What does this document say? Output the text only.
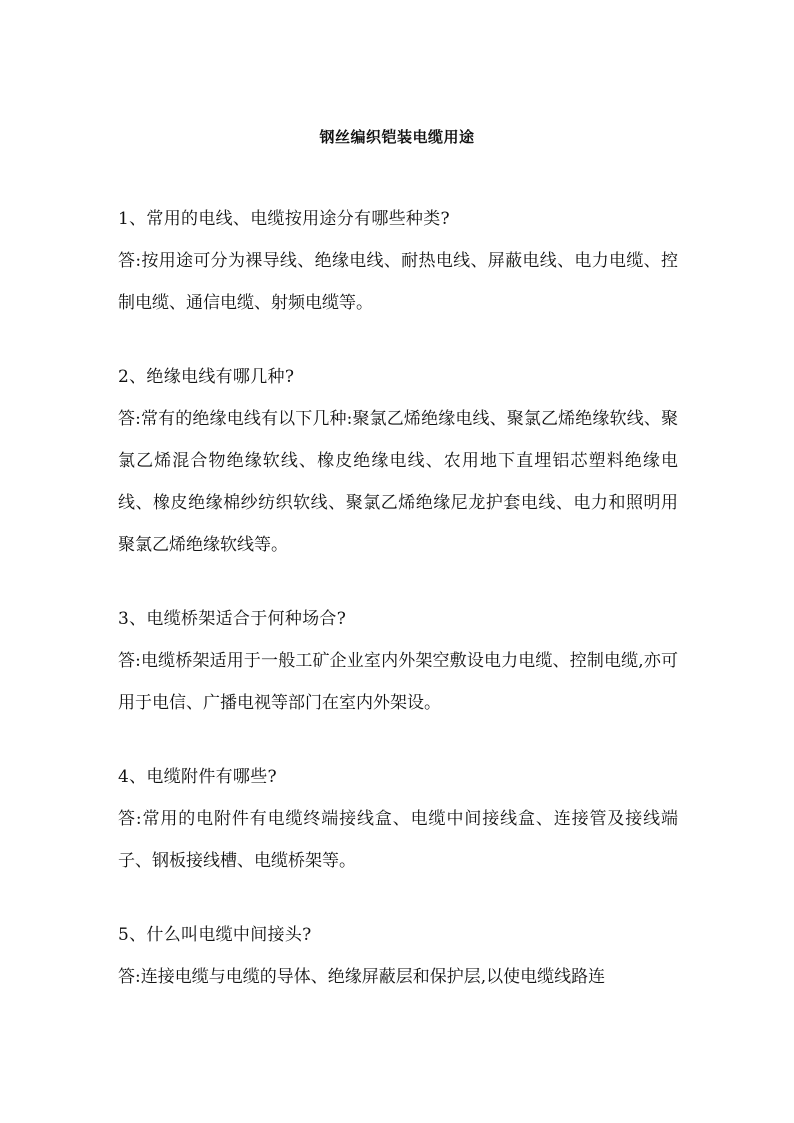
钢丝编织铠装电缆用途

1、常用的电线、电缆按用途分有哪些种类?

答:按用途可分为裸导线、绝缘电线、耐热电线、屏蔽电线、电力电缆、控制电缆、通信电缆、射频电缆等。

2、绝缘电线有哪几种?

答:常有的绝缘电线有以下几种:聚氯乙烯绝缘电线、聚氯乙烯绝缘软线、聚氯乙烯混合物绝缘软线、橡皮绝缘电线、农用地下直埋铝芯塑料绝缘电线、橡皮绝缘棉纱纺织软线、聚氯乙烯绝缘尼龙护套电线、电力和照明用聚氯乙烯绝缘软线等。

3、电缆桥架适合于何种场合?

答:电缆桥架适用于一般工矿企业室内外架空敷设电力电缆、控制电缆,亦可用于电信、广播电视等部门在室内外架设。

4、电缆附件有哪些?

答:常用的电附件有电缆终端接线盒、电缆中间接线盒、连接管及接线端子、钢板接线槽、电缆桥架等。

5、什么叫电缆中间接头?

答:连接电缆与电缆的导体、绝缘屏蔽层和保护层,以使电缆线路连
